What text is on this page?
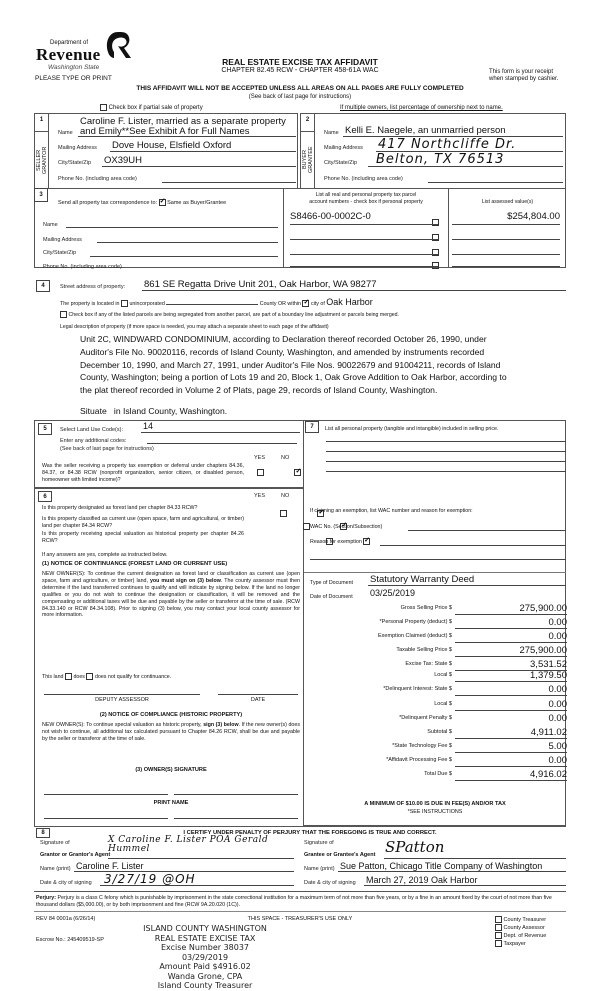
Department of
Revenue
Washington State
PLEASE TYPE OR PRINT
REAL ESTATE EXCISE TAX AFFIDAVIT
CHAPTER 82.45 RCW - CHAPTER 458-61A WAC	This form is your receipt
when stamped by cashier.
THIS AFFIDAVIT WILL NOT BE ACCEPTED UNLESS ALL AREAS ON ALL PAGES ARE FULLY COMPLETED
(See back of last page for instructions)
Check box if partial sale of property	If multiple owners, list percentage of ownership next to name.
1
SELLER
GRANTOR
Caroline F. Lister, married as a separate property
Name and Emily**See Exhibit A for Full Names
Mailing Address Dove House, Elsfield Oxford
City/State/Zip OX39UH
Phone No. (including area code)
2
BUYER
GRANTEE
Name Kelli E. Naegele, an unmarried person
Mailing Address 417 Northcliffe Dr.
City/State/Zip Belton, TX 76513
Phone No. (including area code)
3
Send all property tax correspondence to: ✓ Same as Buyer/Grantee
Name
Mailing Address
City/State/Zip
Phone No. (including area code)
List all real and personal property tax parcel
account numbers - check box if personal property	List assessed value(s)
S8466-00-0002C-0	$254,804.00
4	Street address of property: 861 SE Regatta Drive Unit 201, Oak Harbor, WA 98277
The property is located in unincorporated	County OR within ✓ city of Oak Harbor
Check box if any of the listed parcels are being segregated from another parcel, are part of a boundary line adjustment or parcels being merged.
Legal description of property (if more space is needed, you may attach a separate sheet to each page of the affidavit)
Unit 2C, WINDWARD CONDOMINIUM, according to Declaration thereof recorded October 26, 1990, under
Auditor's File No. 90020116, records of Island County, Washington, and amended by instruments recorded
December 10, 1990, and March 27, 1991, under Auditor's File Nos. 90022679 and 91004211, records of Island
County, Washington; being a portion of Lots 19 and 20, Block 1, Oak Grove Addition to Oak Harbor, according to
the plat thereof recorded in Volume 2 of Plats, page 29, records of Island County, Washington.
Situate   in Island County, Washington.
5	Select Land Use Code(s): 14
Enter any additional codes:
(See back of last page for instructions)
YES	NO
Was the seller receiving a property tax exemption or deferral under chapters 84.36, 84.37, or 84.38 RCW (nonprofit organization, senior citizen, or disabled person, homeowner with limited income)?
✓
6	YES	NO
Is this property designated as forest land per chapter 84.33 RCW?
✓
Is this property classified as current use (open space, farm and agricultural, or timber) land per chapter 84.34 RCW?
✓
Is this property receiving special valuation as historical property per chapter 84.26 RCW?
✓
If any answers are yes, complete as instructed below.
(1) NOTICE OF CONTINUANCE (FOREST LAND OR CURRENT USE)
NEW OWNER(S): To continue the current designation as forest land or classification as current use (open space, farm and agriculture, or timber) land, you must sign on (3) below. The county assessor must then determine if the land transferred continues to qualify and will indicate by signing below. If the land no longer qualifies or you do not wish to continue the designation or classification, it will be removed and the compensating or additional taxes will be due and payable by the seller or transferor at the time of sale. (RCW 84.33.140 or RCW 84.34.108). Prior to signing (3) below, you may contact your local county assessor for more information.
This land does does not qualify for continuance.
DEPUTY ASSESSOR	DATE
(2) NOTICE OF COMPLIANCE (HISTORIC PROPERTY)
NEW OWNER(S): To continue special valuation as historic property, sign (3) below. If the new owner(s) does not wish to continue, all additional tax calculated pursuant to Chapter 84.26 RCW, shall be due and payable by the seller or transferor at the time of sale.
(3) OWNER(S) SIGNATURE
PRINT NAME
7	List all personal property (tangible and intangible) included in selling price.
If claiming an exemption, list WAC number and reason for exemption:
WAC No. (Section/Subsection)
Reason for exemption
Type of Document Statutory Warranty Deed
Date of Document 03/25/2019
Gross Selling Price $	275,900.00
*Personal Property (deduct) $	0.00
Exemption Claimed (deduct) $	0.00
Taxable Selling Price $	275,900.00
Excise Tax: State $	3,531.52
Local $	1,379.50
*Delinquent Interest: State $	0.00
Local $	0.00
*Delinquent Penalty $	0.00
Subtotal $	4,911.02
*State Technology Fee $	5.00
*Affidavit Processing Fee $	0.00
Total Due $	4,916.02
A MINIMUM OF $10.00 IS DUE IN FEE(S) AND/OR TAX
*SEE INSTRUCTIONS
8	I CERTIFY UNDER PENALTY OF PERJURY THAT THE FOREGOING IS TRUE AND CORRECT.
Signature of
Grantor or Grantor's Agent
X Caroline F. Lister POA Gerald Hummel
Name (print) Caroline F. Lister
Date & city of signing 3/27/19 @OH
Signature of
Grantee or Grantee's Agent SPatton
Name (print) Sue Patton, Chicago Title Company of Washington
Date & city of signing March 27, 2019 Oak Harbor
Perjury: Perjury is a class C felony which is punishable by imprisonment in the state correctional institution for a maximum term of not more than five years, or by a fine in an amount fixed by the court of not more than five thousand dollars ($5,000.00), or by both imprisonment and fine (RCW 9A.20.020 (1C)).
REV 84 0001a (6/26/14)	THIS SPACE - TREASURER'S USE ONLY
Escrow No.: 245409519-SP
ISLAND COUNTY WASHINGTON
REAL ESTATE EXCISE TAX
Excise Number 38037
03/29/2019
Amount Paid $4916.02
Wanda Grone, CPA
Island County Treasurer
County Treasurer
County Assessor
Dept. of Revenue
Taxpayer
